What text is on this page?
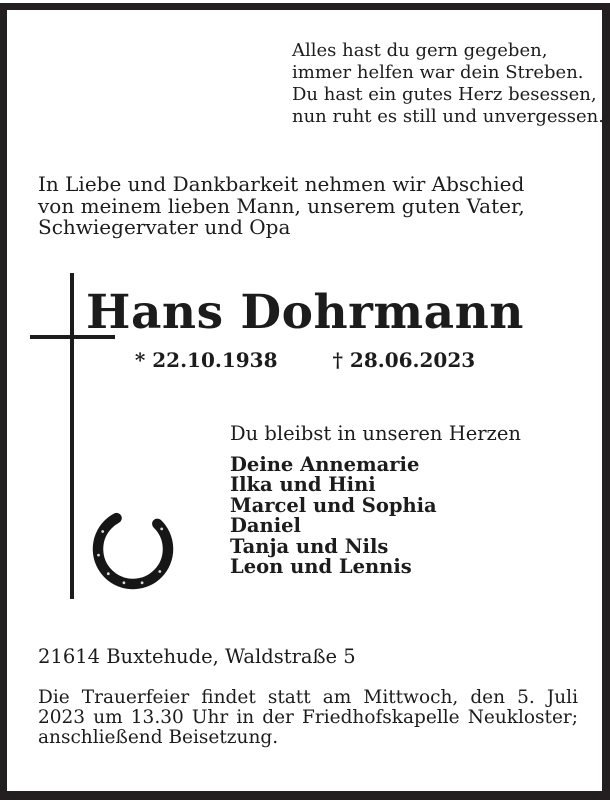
Alles hast du gern gegeben,
immer helfen war dein Streben.
Du hast ein gutes Herz besessen,
nun ruht es still und unvergessen.
In Liebe und Dankbarkeit nehmen wir Abschied
von meinem lieben Mann, unserem guten Vater,
Schwiegervater und Opa
Hans Dohrmann
* 22.10.1938	† 28.06.2023

Du bleibst in unseren Herzen

Deine Annemarie

Ilka und Hini
Marcel und Sophia
Daniel

Tanja und Nils
Leon und Lennis

21614 Buxtehude, Waldstraße 5

Die Trauerfeier findet statt am Mittwoch, den 5. Juli 2023 um 13.30 Uhr in der Friedhofskapelle Neukloster; anschließend Beisetzung.
